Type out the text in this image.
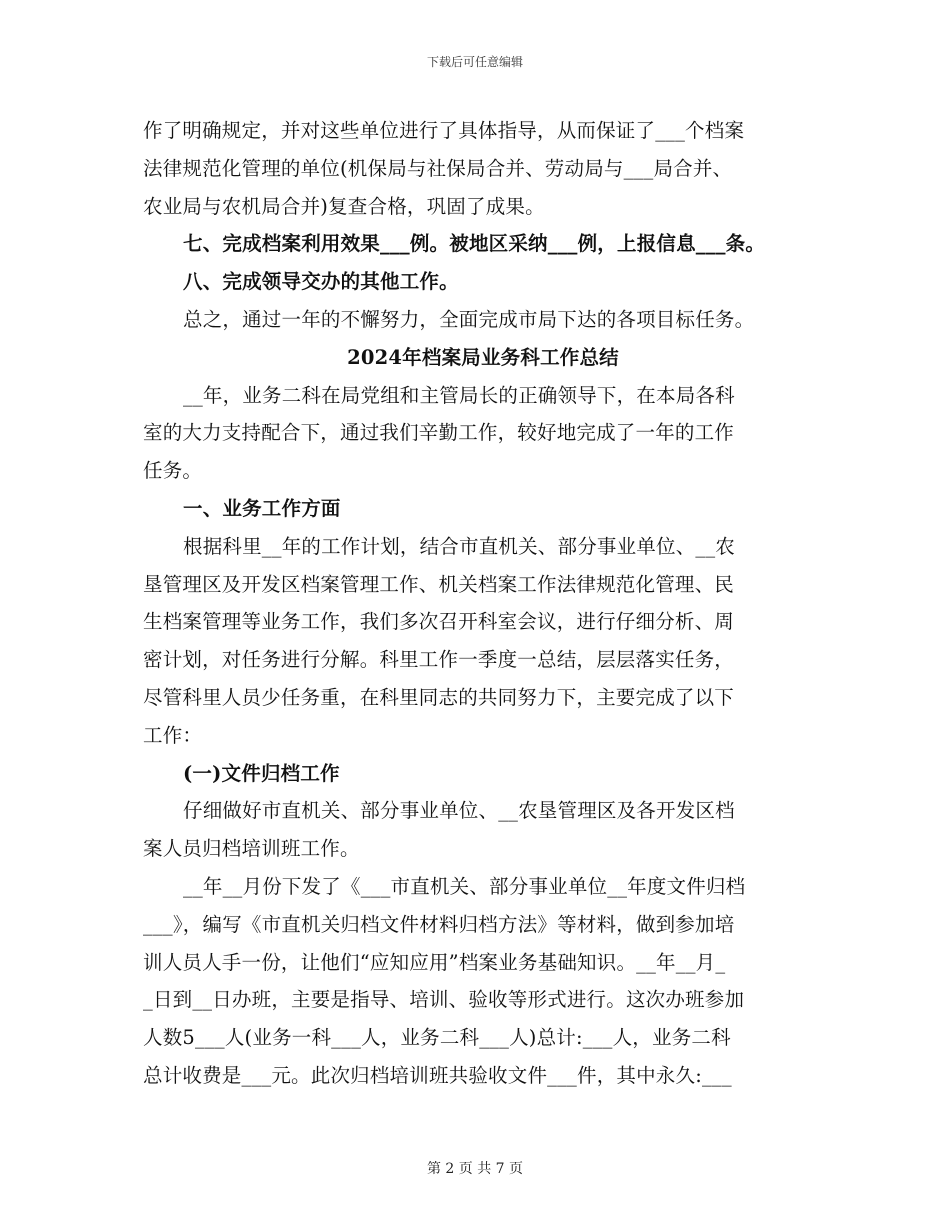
下载后可任意编辑
作了明确规定，并对这些单位进行了具体指导，从而保证了___个档案
法律规范化管理的单位(机保局与社保局合并、劳动局与___局合并、
农业局与农机局合并)复查合格，巩固了成果。
七、完成档案利用效果___例。被地区采纳___例，上报信息___条。
八、完成领导交办的其他工作。
总之，通过一年的不懈努力，全面完成市局下达的各项目标任务。
2024年档案局业务科工作总结
__年，业务二科在局党组和主管局长的正确领导下，在本局各科
室的大力支持配合下，通过我们辛勤工作，较好地完成了一年的工作
任务。
一、业务工作方面
根据科里__年的工作计划，结合市直机关、部分事业单位、__农
垦管理区及开发区档案管理工作、机关档案工作法律规范化管理、民
生档案管理等业务工作，我们多次召开科室会议，进行仔细分析、周
密计划，对任务进行分解。科里工作一季度一总结，层层落实任务，
尽管科里人员少任务重，在科里同志的共同努力下，主要完成了以下
工作：
(一)文件归档工作
仔细做好市直机关、部分事业单位、__农垦管理区及各开发区档
案人员归档培训班工作。
__年__月份下发了《___市直机关、部分事业单位__年度文件归档
___》，编写《市直机关归档文件材料归档方法》等材料，做到参加培
训人员人手一份，让他们“应知应用”档案业务基础知识。__年__月_
_日到__日办班，主要是指导、培训、验收等形式进行。这次办班参加
人数5___人(业务一科___人，业务二科___人)总计:___人，业务二科
总计收费是___元。此次归档培训班共验收文件___件，其中永久:___
第 2 页 共 7 页
